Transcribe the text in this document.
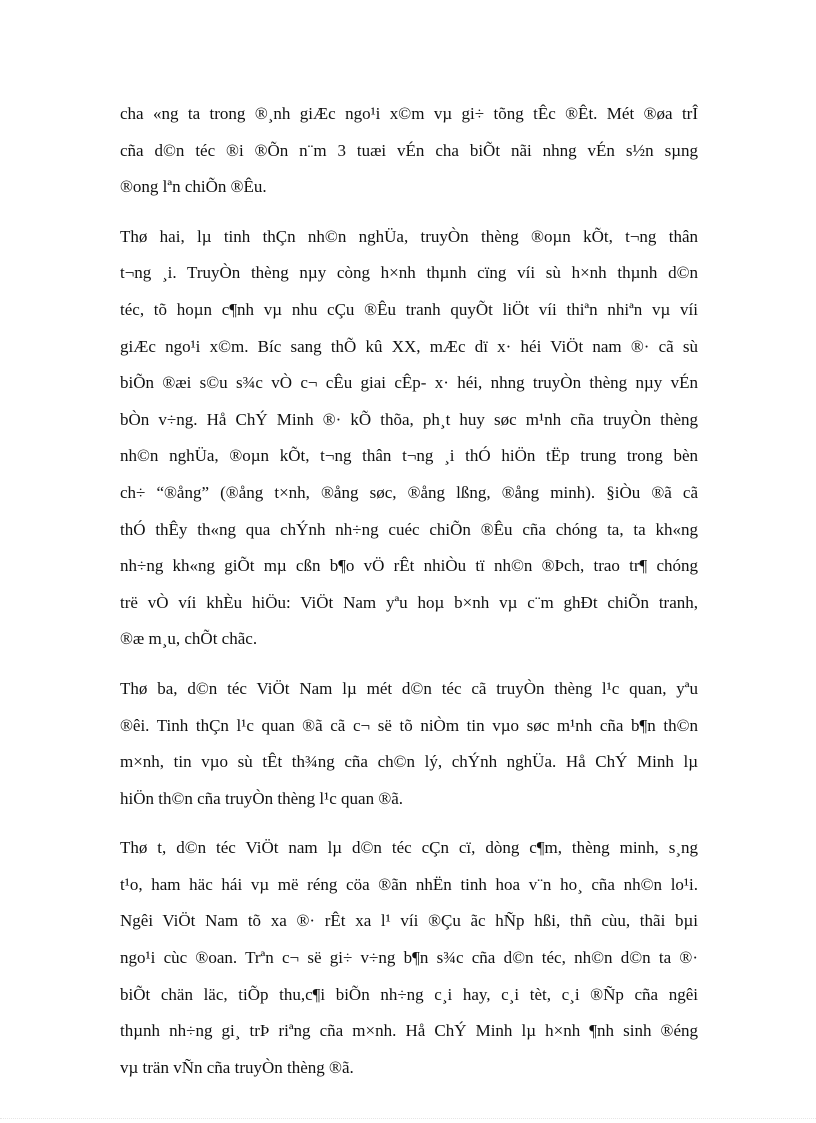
cha «ng ta trong ®¸nh giÆc ngo¹i x©m vµ gi÷ tõng tÊc ®Êt. Mét ®øa trÎ
cña d©n téc ®i ®Õn n¨m 3 tuæi vÉn cha biÕt nãi nhng vÉn s½n sµng
®ong lªn chiÕn ®Êu.
Thø hai, lµ tinh thÇn nh©n nghÜa, truyÒn thèng ®oµn kÕt, t¬ng thân
t¬ng ¸i. TruyÒn thèng nµy còng h×nh thµnh cïng víi sù h×nh thµnh d©n
téc, tõ hoµn c¶nh vµ nhu cÇu ®Êu tranh quyÕt liÖt víi thiªn nhiªn vµ víi
giÆc ngo¹i x©m. Bíc sang thÕ kû XX, mÆc dï x· héi ViÖt nam ®· cã sù
biÕn ®æi s©u s¾c vÒ c¬ cÊu giai cÊp- x· héi, nhng truyÒn thèng nµy vÉn
bÒn v÷ng. Hå ChÝ Minh ®· kÕ thõa, ph¸t huy søc m¹nh cña truyÒn thèng
nh©n nghÜa, ®oµn kÕt, t¬ng thân t¬ng ¸i thÓ hiÖn tËp trung trong bèn
ch÷ “®ång” (®ång t×nh, ®ång søc, ®ång lßng, ®ång minh). §iÒu ®ã cã
thÓ thÊy th«ng qua chÝnh nh÷ng cuéc chiÕn ®Êu cña chóng ta, ta kh«ng
nh÷ng kh«ng giÕt mµ cßn b¶o vÖ rÊt nhiÒu tï nh©n ®Þch, trao tr¶ chóng
trë vÒ víi khÈu hiÖu: ViÖt Nam yªu hoµ b×nh vµ c¨m ghÐt chiÕn tranh,
®æ m¸u, chÕt chãc.
Thø ba, d©n téc ViÖt Nam lµ mét d©n téc cã truyÒn thèng l¹c quan, yªu
®êi. Tinh thÇn l¹c quan ®ã cã c¬ së tõ niÒm tin vµo søc m¹nh cña b¶n th©n
m×nh, tin vµo sù tÊt th¾ng cña ch©n lý, chÝnh nghÜa. Hå ChÝ Minh lµ
hiÖn th©n cña truyÒn thèng l¹c quan ®ã.
Thø t, d©n téc ViÖt nam lµ d©n téc cÇn cï, dòng c¶m, thèng minh, s¸ng
t¹o, ham häc hái vµ më réng cöa ®ãn nhËn tinh hoa v¨n ho¸ cña nh©n lo¹i.
Ngêi ViÖt Nam tõ xa ®· rÊt xa l¹ víi ®Çu ãc hÑp hßi, thñ cùu, thãi bµi
ngo¹i cùc ®oan. Trªn c¬ së gi÷ v÷ng b¶n s¾c cña d©n téc, nh©n d©n ta ®·
biÕt chän läc, tiÕp thu,c¶i biÕn nh÷ng c¸i hay, c¸i tèt, c¸i ®Ñp cña ngêi
thµnh nh÷ng gi¸ trÞ riªng cña m×nh. Hå ChÝ Minh lµ h×nh ¶nh sinh ®éng
vµ trän vÑn cña truyÒn thèng ®ã.
